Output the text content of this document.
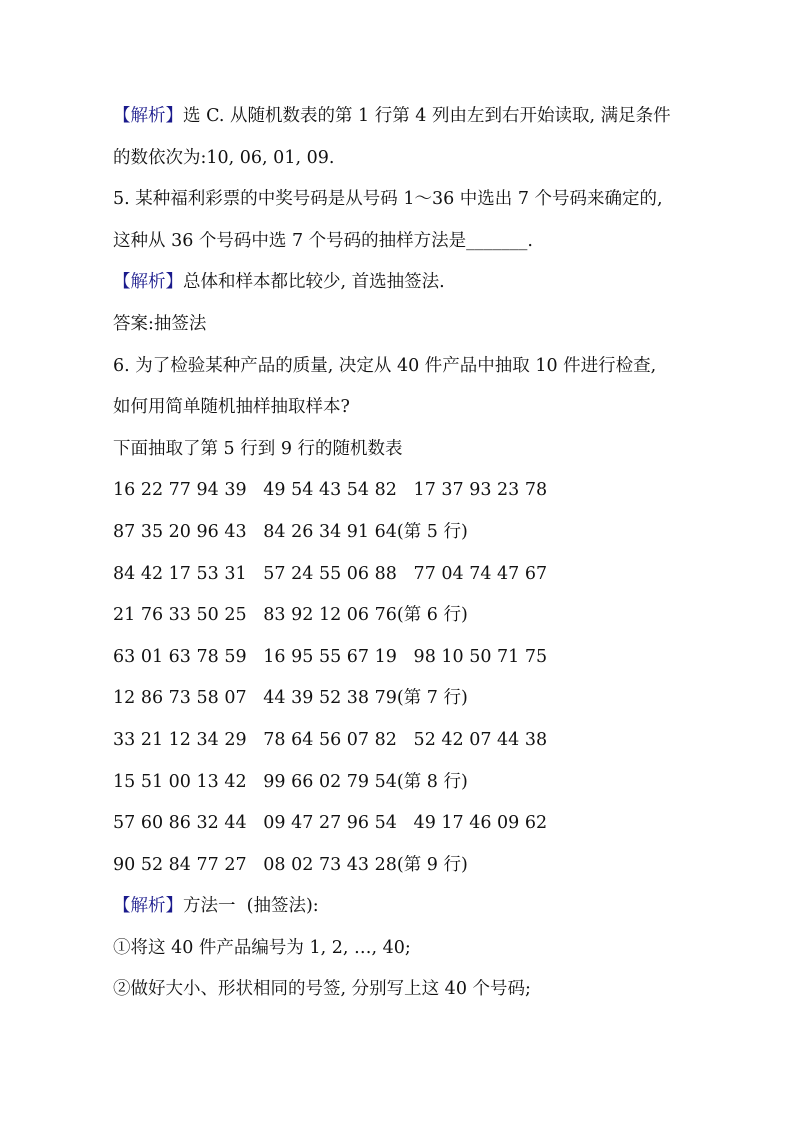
【解析】选 C. 从随机数表的第 1 行第 4 列由左到右开始读取, 满足条件
的数依次为:10, 06, 01, 09.
5. 某种福利彩票的中奖号码是从号码 1～36 中选出 7 个号码来确定的,
这种从 36 个号码中选 7 个号码的抽样方法是_______.
【解析】总体和样本都比较少, 首选抽签法.
答案:抽签法
6. 为了检验某种产品的质量, 决定从 40 件产品中抽取 10 件进行检查,
如何用简单随机抽样抽取样本?
下面抽取了第 5 行到 9 行的随机数表
16 22 77 94 39   49 54 43 54 82   17 37 93 23 78
87 35 20 96 43   84 26 34 91 64(第 5 行)
84 42 17 53 31   57 24 55 06 88   77 04 74 47 67
21 76 33 50 25   83 92 12 06 76(第 6 行)
63 01 63 78 59   16 95 55 67 19   98 10 50 71 75
12 86 73 58 07   44 39 52 38 79(第 7 行)
33 21 12 34 29   78 64 56 07 82   52 42 07 44 38
15 51 00 13 42   99 66 02 79 54(第 8 行)
57 60 86 32 44   09 47 27 96 54   49 17 46 09 62
90 52 84 77 27   08 02 73 43 28(第 9 行)
【解析】方法一  (抽签法):
①将这 40 件产品编号为 1, 2, …, 40;
②做好大小、形状相同的号签, 分别写上这 40 个号码;
